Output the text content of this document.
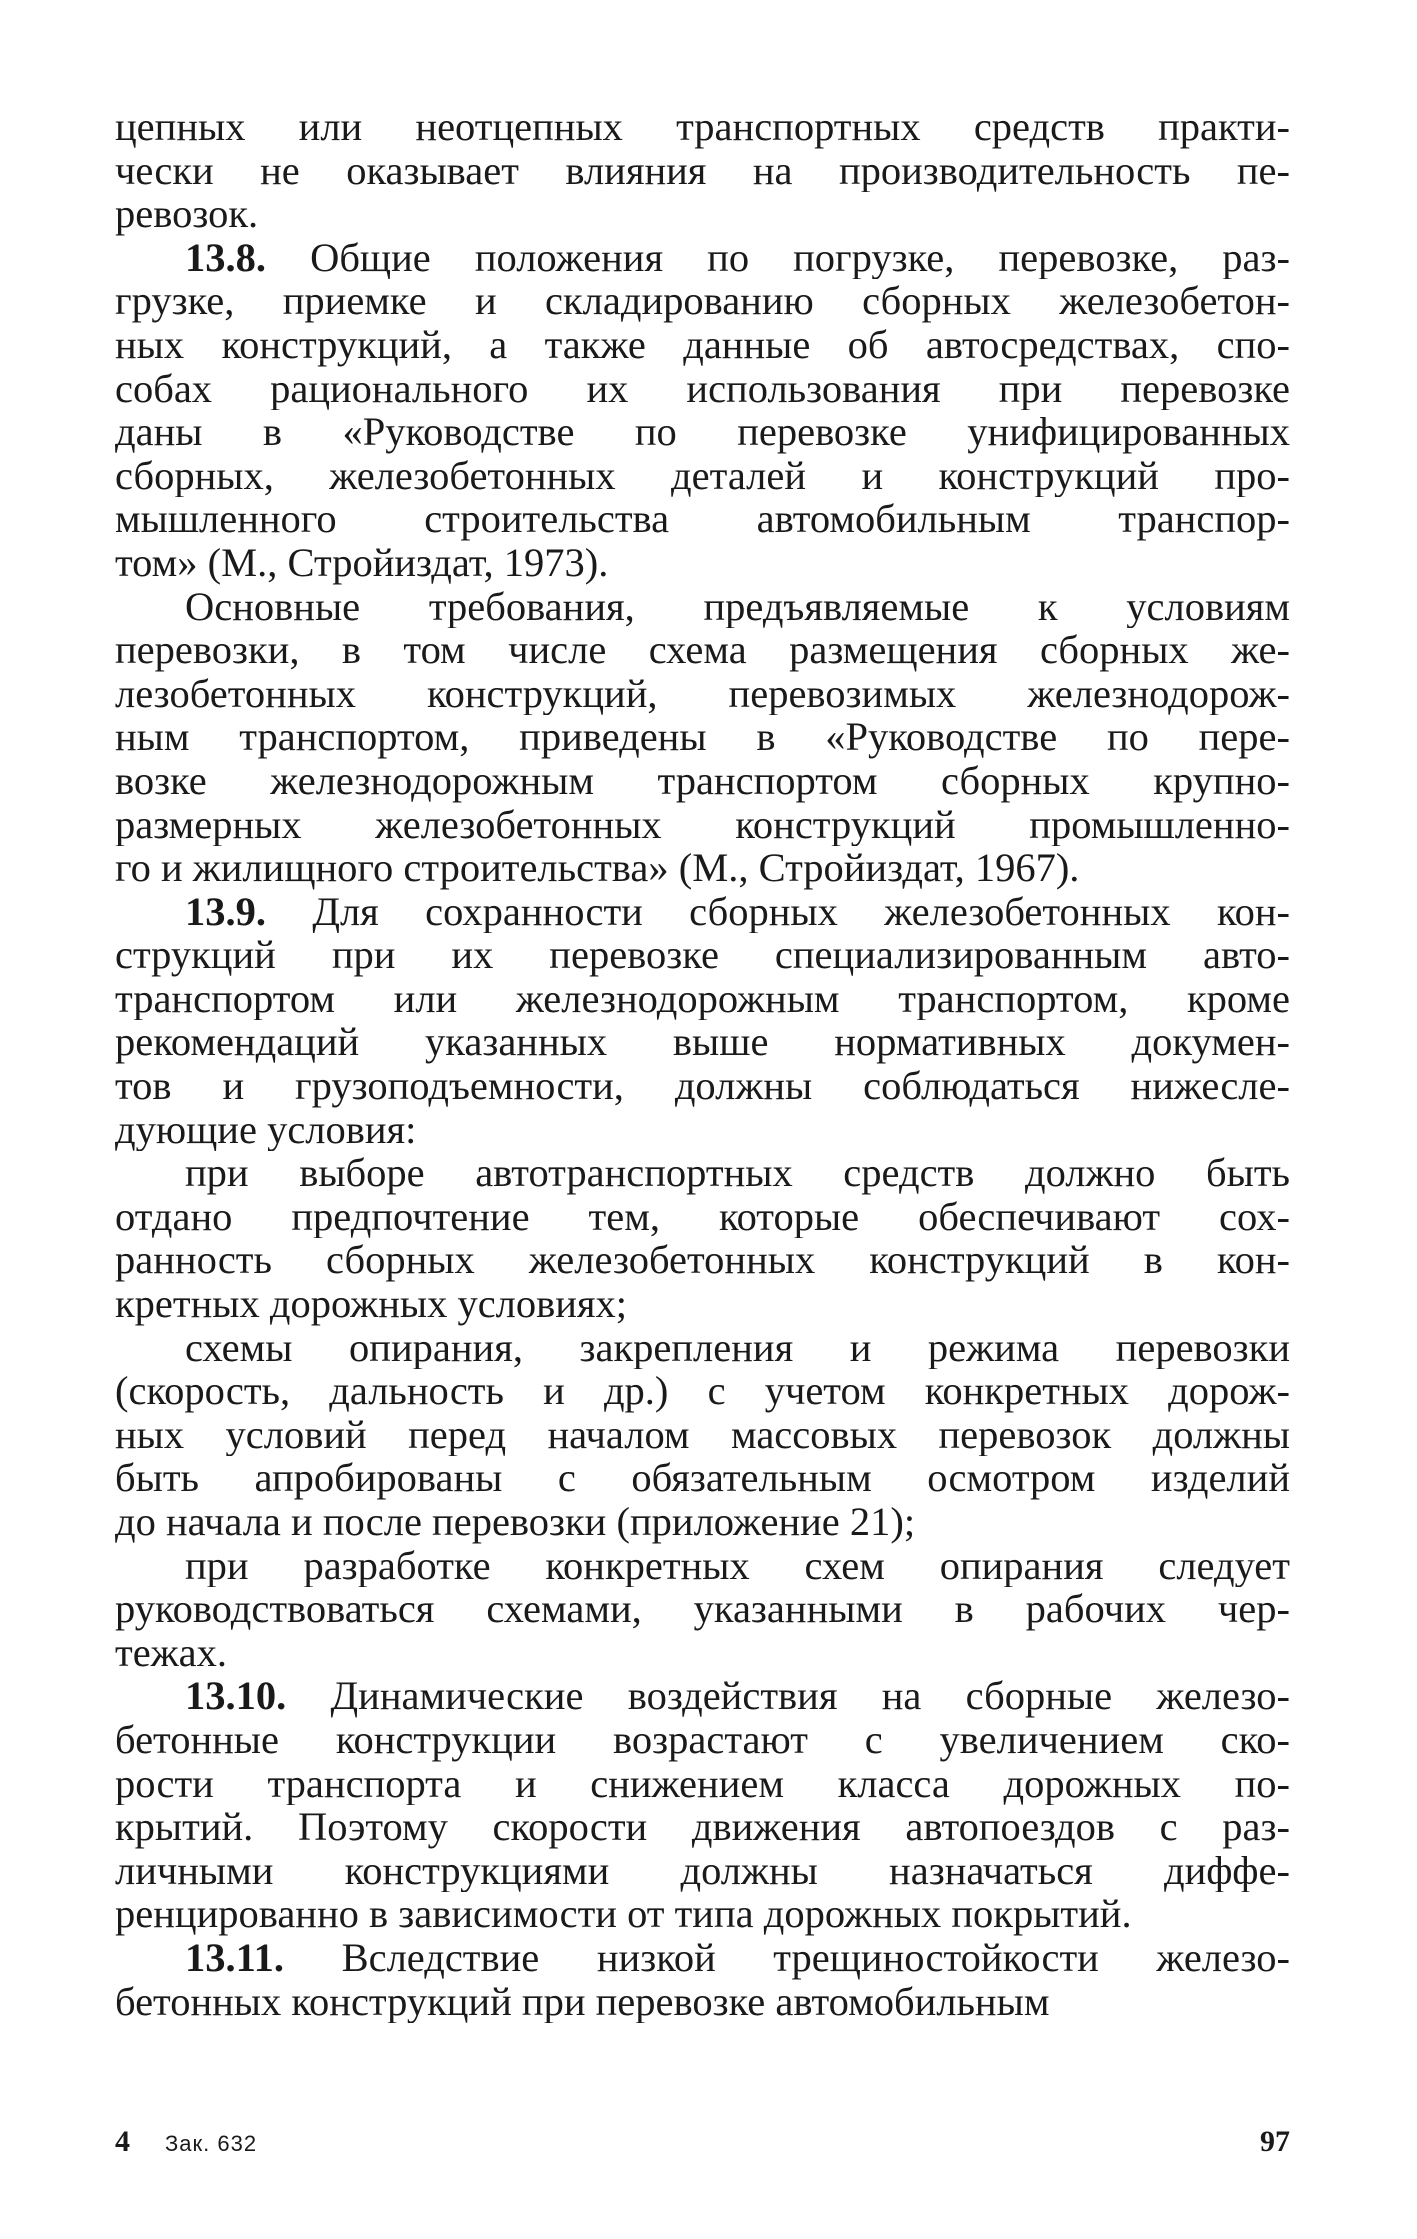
цепных или неотцепных транспортных средств практи-
чески не оказывает влияния на производительность пе-
ревозок.

13.8. Общие положения по погрузке, перевозке, раз-
грузке, приемке и складированию сборных железобетон-
ных конструкций, а также данные об автосредствах, спо-
собах рационального их использования при перевозке
даны в «Руководстве по перевозке унифицированных
сборных, железобетонных деталей и конструкций про-
мышленного строительства автомобильным транспор-
том» (М., Стройиздат, 1973).

Основные требования, предъявляемые к условиям
перевозки, в том числе схема размещения сборных же-
лезобетонных конструкций, перевозимых железнодорож-
ным транспортом, приведены в «Руководстве по пере-
возке железнодорожным транспортом сборных крупно-
размерных железобетонных конструкций промышленно-
го и жилищного строительства» (М., Стройиздат, 1967).

13.9. Для сохранности сборных железобетонных кон-
струкций при их перевозке специализированным авто-
транспортом или железнодорожным транспортом, кроме
рекомендаций указанных выше нормативных докумен-
тов и грузоподъемности, должны соблюдаться нижесле-
дующие условия:

при выборе автотранспортных средств должно быть
отдано предпочтение тем, которые обеспечивают сох-
ранность сборных железобетонных конструкций в кон-
кретных дорожных условиях;

схемы опирания, закрепления и режима перевозки
(скорость, дальность и др.) с учетом конкретных дорож-
ных условий перед началом массовых перевозок должны
быть апробированы с обязательным осмотром изделий
до начала и после перевозки (приложение 21);

при разработке конкретных схем опирания следует
руководствоваться схемами, указанными в рабочих чер-
тежах.

13.10. Динамические воздействия на сборные железо-
бетонные конструкции возрастают с увеличением ско-
рости транспорта и снижением класса дорожных по-
крытий. Поэтому скорости движения автопоездов с раз-
личными конструкциями должны назначаться диффе-
ренцированно в зависимости от типа дорожных покрытий.

13.11. Вследствие низкой трещиностойкости железо-
бетонных конструкций при перевозке автомобильным

4 Зак. 632	97
